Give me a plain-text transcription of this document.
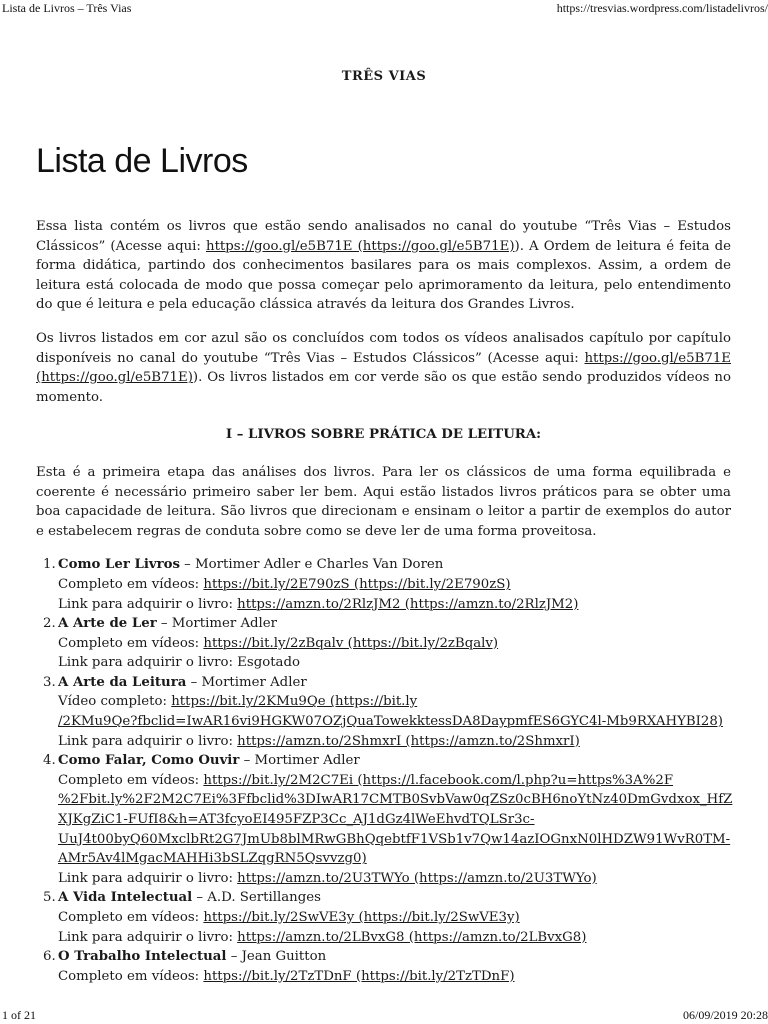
Lista de Livros – Três Vias	https://tresvias.wordpress.com/listadelivros/
TRÊS VIAS
Lista de Livros

Essa lista contém os livros que estão sendo analisados no canal do youtube “Três Vias – Estudos Clássicos” (Acesse aqui: https://goo.gl/e5B71E (https://goo.gl/e5B71E)). A Ordem de leitura é feita de forma didática, partindo dos conhecimentos basilares para os mais complexos. Assim, a ordem de leitura está colocada de modo que possa começar pelo aprimoramento da leitura, pelo entendimento do que é leitura e pela educação clássica através da leitura dos Grandes Livros.

Os livros listados em cor azul são os concluídos com todos os vídeos analisados capítulo por capítulo disponíveis no canal do youtube “Três Vias – Estudos Clássicos” (Acesse aqui: https://goo.gl/e5B71E (https://goo.gl/e5B71E)). Os livros listados em cor verde são os que estão sendo produzidos vídeos no momento.

I – LIVROS SOBRE PRÁTICA DE LEITURA:

Esta é a primeira etapa das análises dos livros. Para ler os clássicos de uma forma equilibrada e coerente é necessário primeiro saber ler bem. Aqui estão listados livros práticos para se obter uma boa capacidade de leitura. São livros que direcionam e ensinam o leitor a partir de exemplos do autor e estabelecem regras de conduta sobre como se deve ler de uma forma proveitosa.

1. Como Ler Livros – Mortimer Adler e Charles Van Doren
Completo em vídeos: https://bit.ly/2E790zS (https://bit.ly/2E790zS)
Link para adquirir o livro: https://amzn.to/2RlzJM2 (https://amzn.to/2RlzJM2)
2. A Arte de Ler – Mortimer Adler
Completo em vídeos: https://bit.ly/2zBqalv (https://bit.ly/2zBqalv)
Link para adquirir o livro: Esgotado
3. A Arte da Leitura – Mortimer Adler
Vídeo completo: https://bit.ly/2KMu9Qe (https://bit.ly
/2KMu9Qe?fbclid=IwAR16vi9HGKW07OZjQuaTowekktessDA8DaypmfES6GYC4l-Mb9RXAHYBI28)
Link para adquirir o livro: https://amzn.to/2ShmxrI (https://amzn.to/2ShmxrI)
4. Como Falar, Como Ouvir – Mortimer Adler
Completo em vídeos: https://bit.ly/2M2C7Ei (https://l.facebook.com/l.php?u=https%3A%2F
%2Fbit.ly%2F2M2C7Ei%3Ffbclid%3DIwAR17CMTB0SvbVaw0qZSz0cBH6noYtNz40DmGvdxox_HfZ
XJKgZiC1-FUfI8&h=AT3fcyoEI495FZP3Cc_AJ1dGz4lWeEhvdTQLSr3c-
UuJ4t00byQ60MxclbRt2G7JmUb8blMRwGBhQqebtfF1VSb1v7Qw14azIOGnxN0lHDZW91WvR0TM-
AMr5Av4lMgacMAHHi3bSLZqgRN5Qsvvzg0)
Link para adquirir o livro: https://amzn.to/2U3TWYo (https://amzn.to/2U3TWYo)
5. A Vida Intelectual – A.D. Sertillanges
Completo em vídeos: https://bit.ly/2SwVE3y (https://bit.ly/2SwVE3y)
Link para adquirir o livro: https://amzn.to/2LBvxG8 (https://amzn.to/2LBvxG8)
6. O Trabalho Intelectual – Jean Guitton
Completo em vídeos: https://bit.ly/2TzTDnF (https://bit.ly/2TzTDnF)
1 of 21	06/09/2019 20:28
